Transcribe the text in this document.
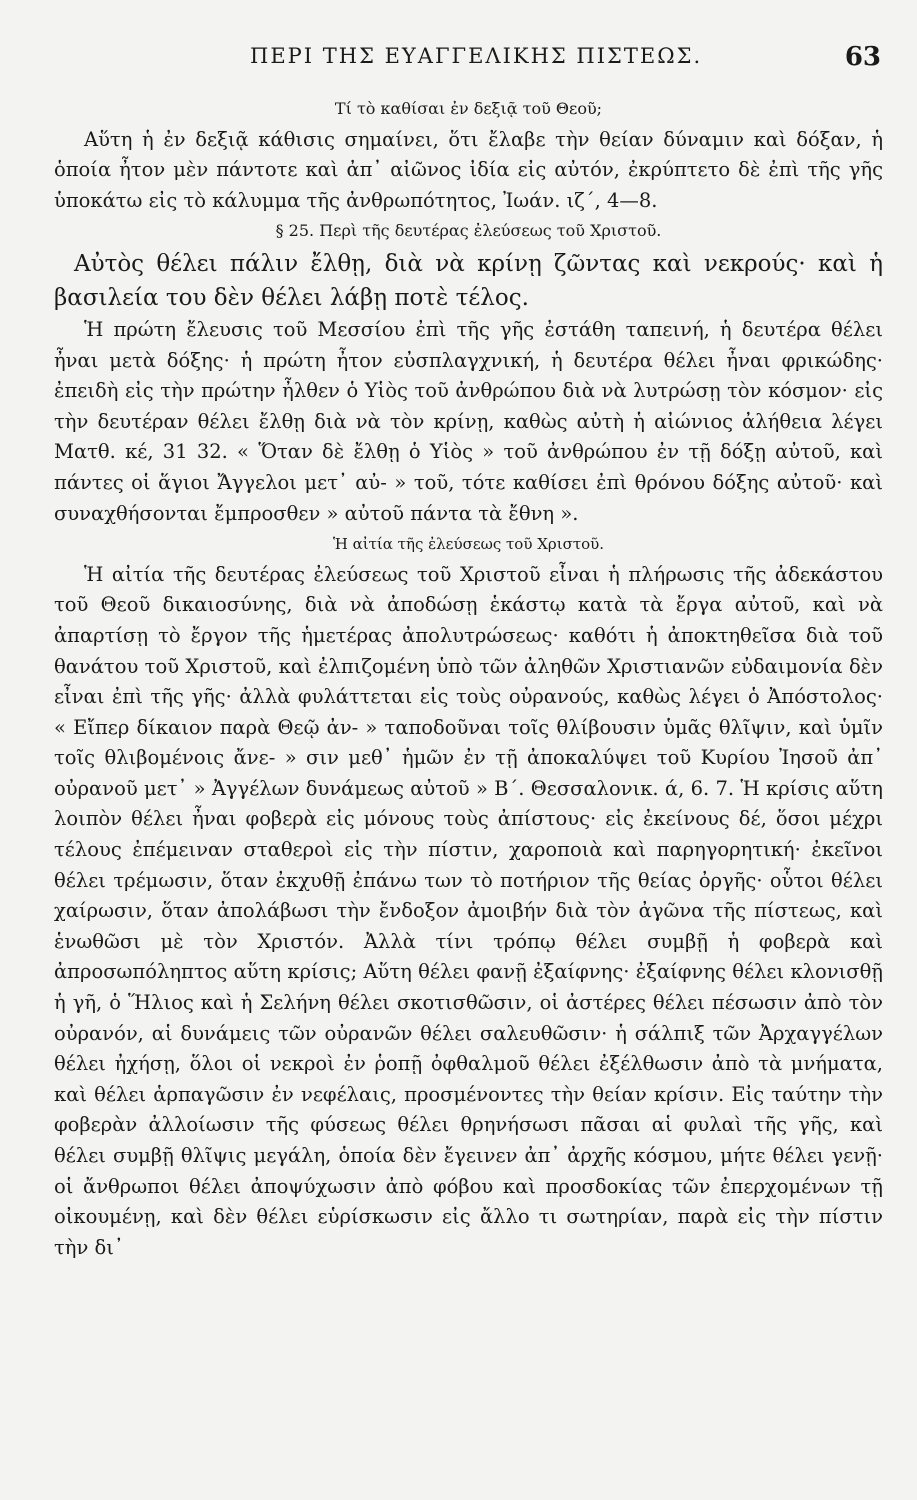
ΠΕΡΙ ΤΗΣ ΕΥΑΓΓΕΛΙΚΗΣ ΠΙΣΤΕΩΣ.	63

Τί τὸ καθίσαι ἐν δεξιᾷ τοῦ Θεοῦ;

Αὕτη ἡ ἐν δεξιᾷ κάθισις σημαίνει, ὅτι ἔλαβε τὴν θείαν δύναμιν καὶ δόξαν, ἡ ὁποία ἦτον μὲν πάντοτε καὶ ἀπ᾽ αἰῶνος ἰδία εἰς αὐτόν, ἐκρύπτετο δὲ ἐπὶ τῆς γῆς ὑποκάτω εἰς τὸ κάλυμμα τῆς ἀνθρωπότητος, Ἰωάν. ιζ΄, 4—8.

§ 25. Περὶ τῆς δευτέρας ἐλεύσεως τοῦ Χριστοῦ.

Αὐτὸς θέλει πάλιν ἔλθῃ, διὰ νὰ κρίνῃ ζῶντας καὶ νεκρούς· καὶ ἡ βασιλεία του δὲν θέλει λάβῃ ποτὲ τέλος.

Ἡ πρώτη ἔλευσις τοῦ Μεσσίου ἐπὶ τῆς γῆς ἐστάθη ταπεινή, ἡ δευτέρα θέλει ἦναι μετὰ δόξης· ἡ πρώτη ἦτον εὐσπλαγχνική, ἡ δευτέρα θέλει ἦναι φρικώδης· ἐπειδὴ εἰς τὴν πρώτην ἦλθεν ὁ Υἱὸς τοῦ ἀνθρώπου διὰ νὰ λυτρώσῃ τὸν κόσμον· εἰς τὴν δευτέραν θέλει ἔλθῃ διὰ νὰ τὸν κρίνῃ, καθὼς αὐτὴ ἡ αἰώνιος ἀλήθεια λέγει Ματθ. κέ, 31 32. « Ὅταν δὲ ἔλθῃ ὁ Υἱὸς » τοῦ ἀνθρώπου ἐν τῇ δόξῃ αὐτοῦ, καὶ πάντες οἱ ἅγιοι Ἄγγελοι μετ᾽ αὐ- » τοῦ, τότε καθίσει ἐπὶ θρόνου δόξης αὐτοῦ· καὶ συναχθήσονται ἔμπροσθεν » αὐτοῦ πάντα τὰ ἔθνη ».

Ἡ αἰτία τῆς ἐλεύσεως τοῦ Χριστοῦ.

Ἡ αἰτία τῆς δευτέρας ἐλεύσεως τοῦ Χριστοῦ εἶναι ἡ πλήρωσις τῆς ἀδεκάστου τοῦ Θεοῦ δικαιοσύνης, διὰ νὰ ἀποδώσῃ ἑκάστῳ κατὰ τὰ ἔργα αὐτοῦ, καὶ νὰ ἀπαρτίσῃ τὸ ἔργον τῆς ἡμετέρας ἀπολυτρώσεως· καθότι ἡ ἀποκτηθεῖσα διὰ τοῦ θανάτου τοῦ Χριστοῦ, καὶ ἐλπιζομένη ὑπὸ τῶν ἀληθῶν Χριστιανῶν εὐδαιμονία δὲν εἶναι ἐπὶ τῆς γῆς· ἀλλὰ φυλάττεται εἰς τοὺς οὐρανούς, καθὼς λέγει ὁ Ἀπόστολος· « Εἴπερ δίκαιον παρὰ Θεῷ ἀν- » ταποδοῦναι τοῖς θλίβουσιν ὑμᾶς θλῖψιν, καὶ ὑμῖν τοῖς θλιβομένοις ἄνε- » σιν μεθ᾽ ἡμῶν ἐν τῇ ἀποκαλύψει τοῦ Κυρίου Ἰησοῦ ἀπ᾽ οὐρανοῦ μετ᾽ » Ἀγγέλων δυνάμεως αὐτοῦ » Β΄. Θεσσαλονικ. ά, 6. 7. Ἡ κρίσις αὕτη λοιπὸν θέλει ἦναι φοβερὰ εἰς μόνους τοὺς ἀπίστους· εἰς ἐκείνους δέ, ὅσοι μέχρι τέλους ἐπέμειναν σταθεροὶ εἰς τὴν πίστιν, χαροποιὰ καὶ παρηγορητική· ἐκεῖνοι θέλει τρέμωσιν, ὅταν ἐκχυθῇ ἐπάνω των τὸ ποτήριον τῆς θείας ὀργῆς· οὗτοι θέλει χαίρωσιν, ὅταν ἀπολάβωσι τὴν ἔνδοξον ἀμοιβήν διὰ τὸν ἀγῶνα τῆς πίστεως, καὶ ἑνωθῶσι μὲ τὸν Χριστόν. Ἀλλὰ τίνι τρόπῳ θέλει συμβῇ ἡ φοβερὰ καὶ ἀπροσωπόληπτος αὕτη κρίσις; Αὕτη θέλει φανῇ ἐξαίφνης· ἐξαίφνης θέλει κλονισθῇ ἡ γῆ, ὁ Ἥλιος καὶ ἡ Σελήνη θέλει σκοτισθῶσιν, οἱ ἀστέρες θέλει πέσωσιν ἀπὸ τὸν οὐρανόν, αἱ δυνάμεις τῶν οὐρανῶν θέλει σαλευθῶσιν· ἡ σάλπιξ τῶν Ἀρχαγγέλων θέλει ἠχήσῃ, ὅλοι οἱ νεκροὶ ἐν ῥοπῇ ὀφθαλμοῦ θέλει ἐξέλθωσιν ἀπὸ τὰ μνήματα, καὶ θέλει ἁρπαγῶσιν ἐν νεφέλαις, προσμένοντες τὴν θείαν κρίσιν. Εἰς ταύτην τὴν φοβερὰν ἀλλοίωσιν τῆς φύσεως θέλει θρηνήσωσι πᾶσαι αἱ φυλαὶ τῆς γῆς, καὶ θέλει συμβῇ θλῖψις μεγάλη, ὁποία δὲν ἔγεινεν ἀπ᾽ ἀρχῆς κόσμου, μήτε θέλει γενῇ· οἱ ἄνθρωποι θέλει ἀποψύχωσιν ἀπὸ φόβου καὶ προσδοκίας τῶν ἐπερχομένων τῇ οἰκουμένῃ, καὶ δὲν θέλει εὑρίσκωσιν εἰς ἄλλο τι σωτηρίαν, παρὰ εἰς τὴν πίστιν τὴν δι᾽
